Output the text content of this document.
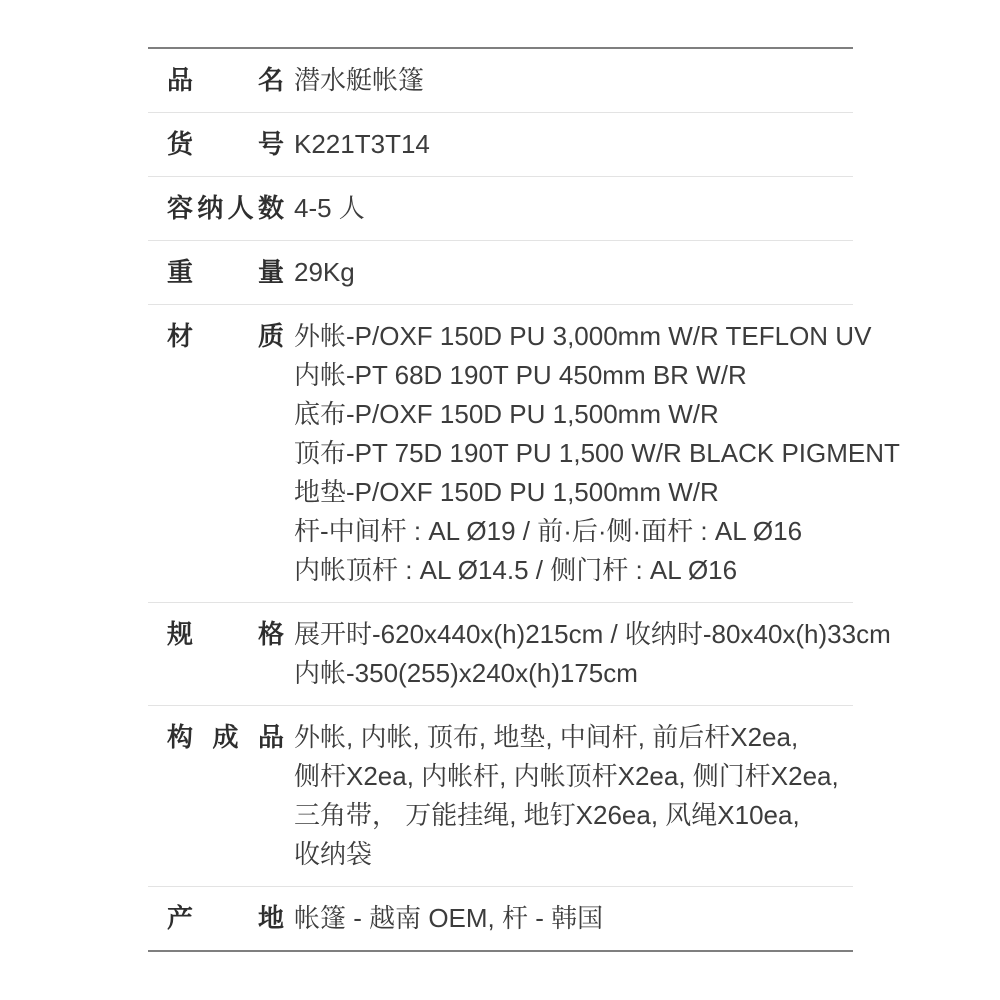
品名 潜水艇帐篷
货号 K221T3T14
容纳人数 4-5 人
重量 29Kg
材质 外帐-P/OXF 150D PU 3,000mm W/R TEFLON UV
内帐-PT 68D 190T PU 450mm BR W/R
底布-P/OXF 150D PU 1,500mm W/R
顶布-PT 75D 190T PU 1,500 W/R BLACK PIGMENT
地垫-P/OXF 150D PU 1,500mm W/R
杆-中间杆 : AL Ø19 / 前·后·侧·面杆 : AL Ø16
内帐顶杆 : AL Ø14.5 / 侧门杆 : AL Ø16
规格 展开时-620x440x(h)215cm / 收纳时-80x40x(h)33cm
内帐-350(255)x240x(h)175cm
构成品 外帐, 内帐, 顶布, 地垫, 中间杆, 前后杆X2ea,
侧杆X2ea, 内帐杆, 内帐顶杆X2ea, 侧门杆X2ea,
三角带， 万能挂绳, 地钉X26ea, 风绳X10ea,
收纳袋
产地 帐篷 - 越南 OEM, 杆 - 韩国
